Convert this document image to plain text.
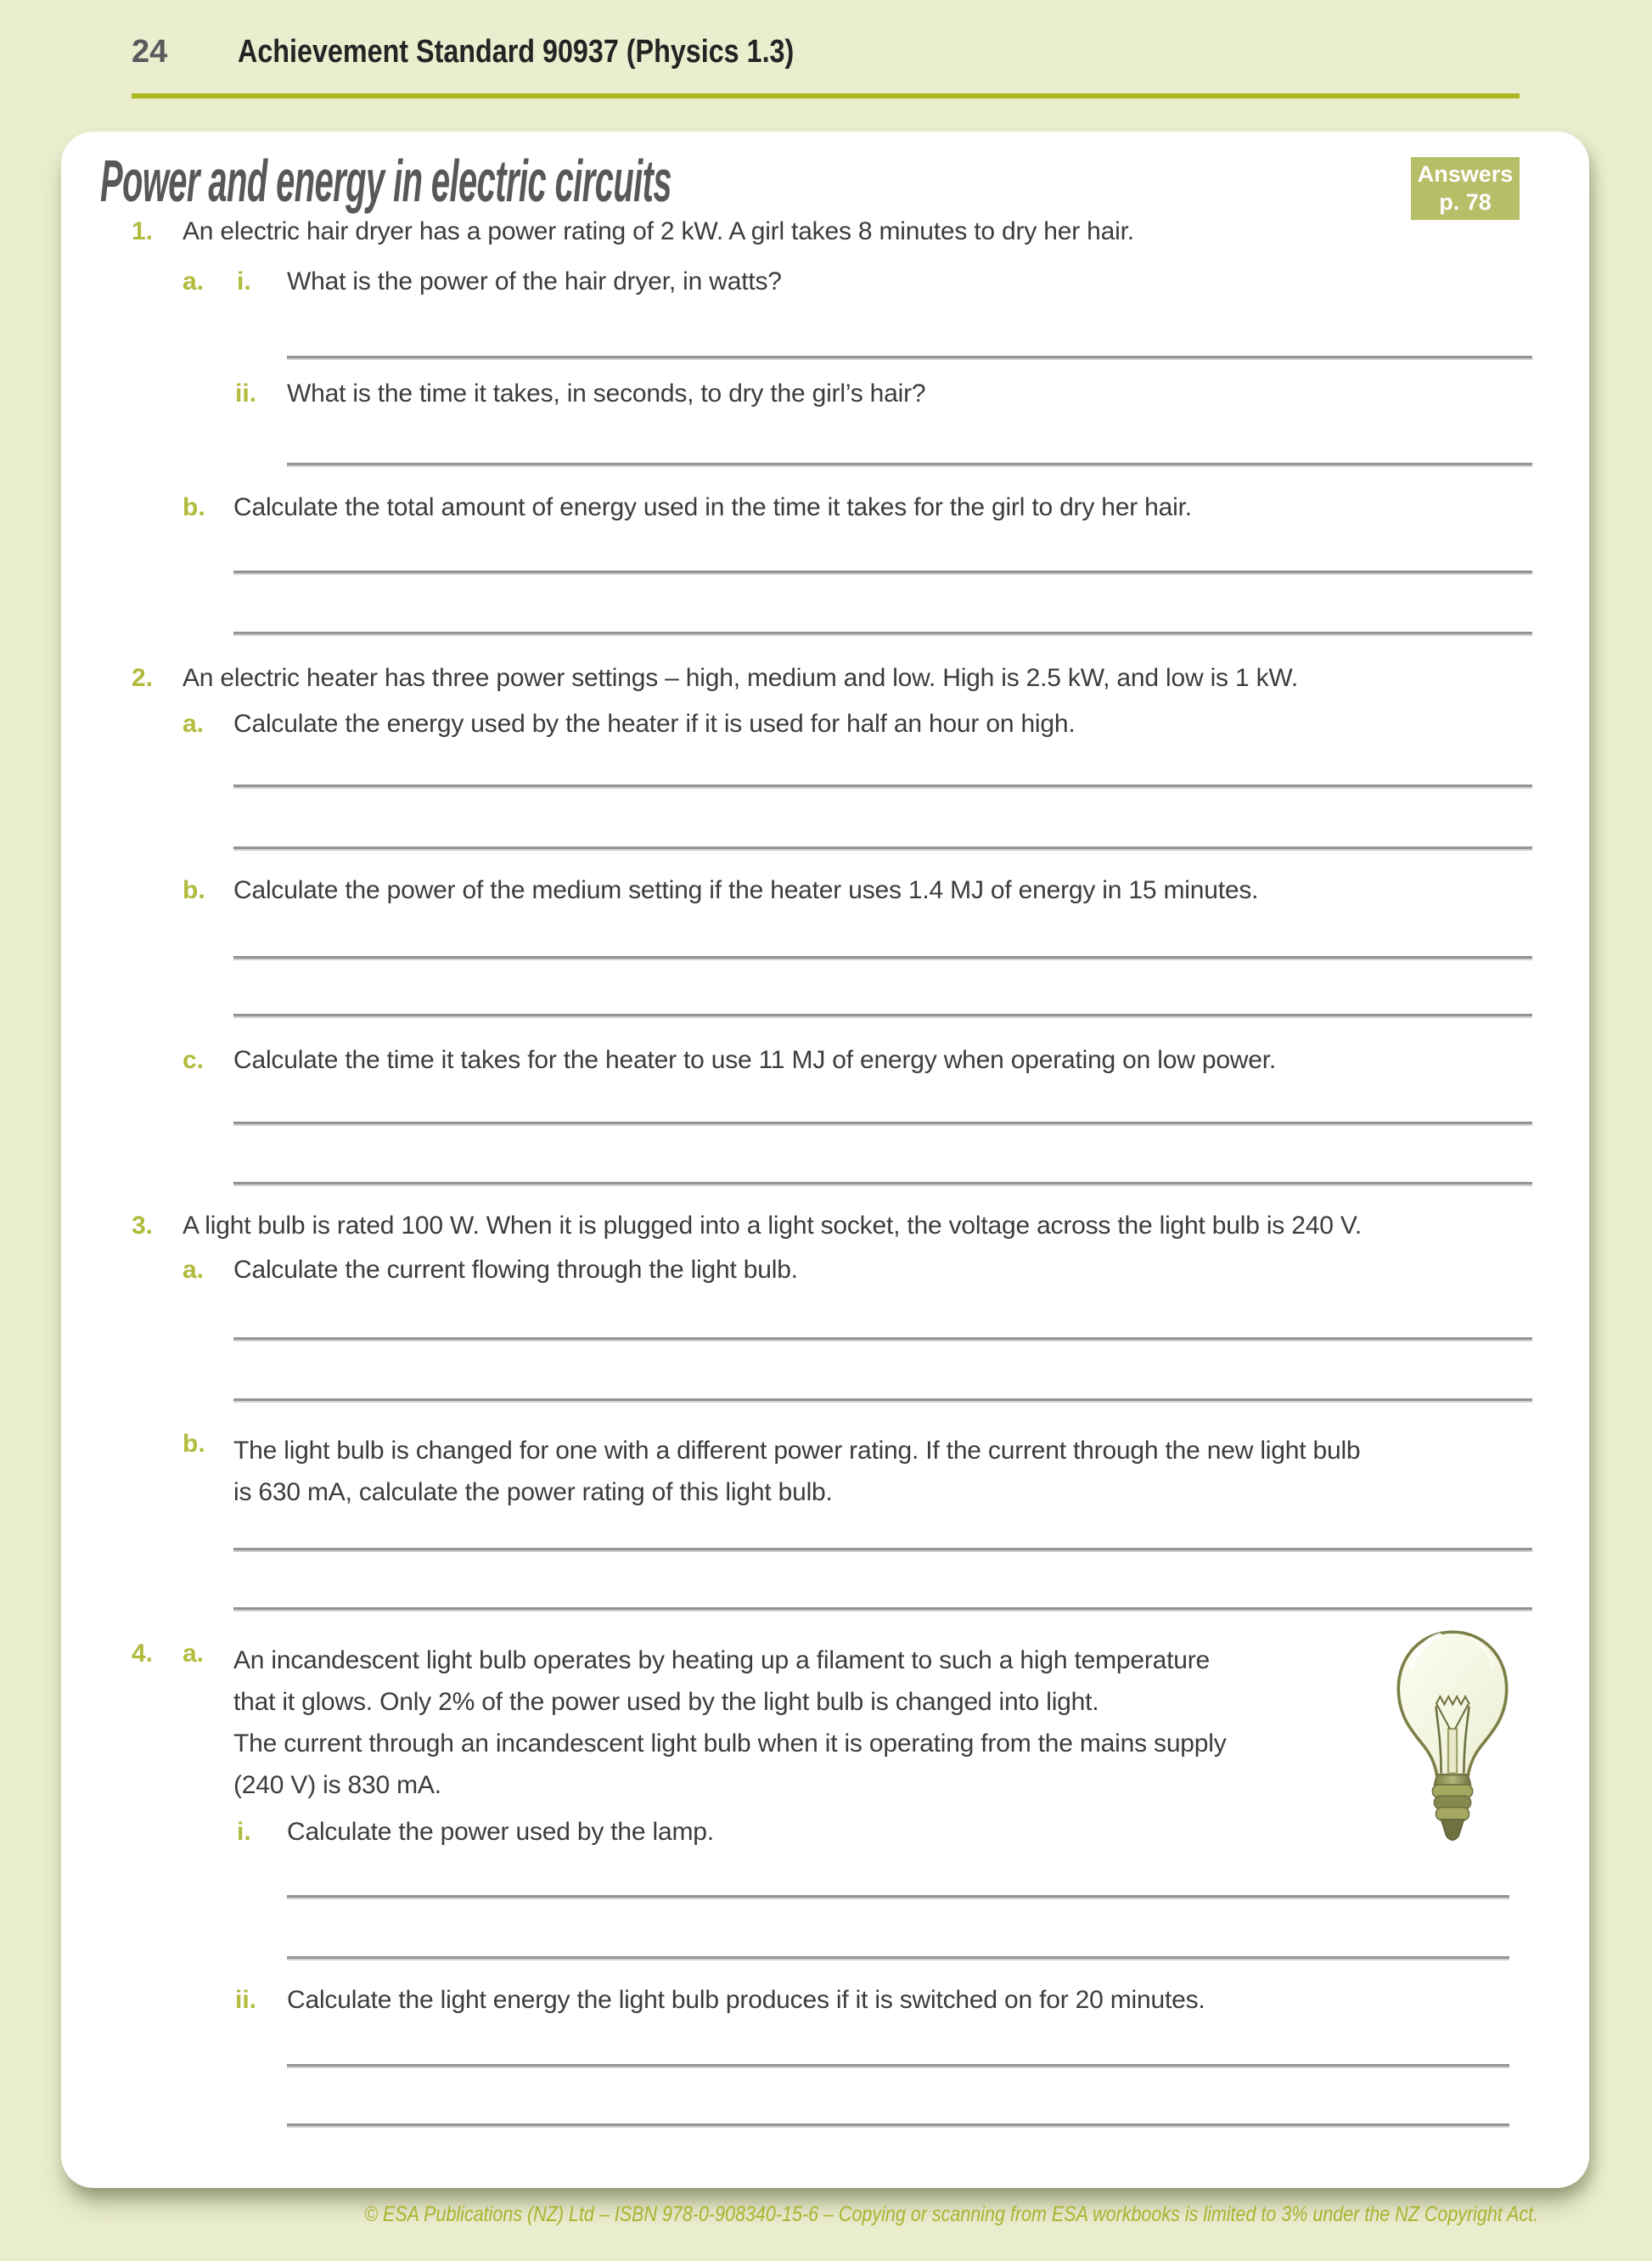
24 Achievement Standard 90937 (Physics 1.3)
Power and energy in electric circuits	Answers
p. 78
1. An electric hair dryer has a power rating of 2 kW. A girl takes 8 minutes to dry her hair.
a. i. What is the power of the hair dryer, in watts?
ii. What is the time it takes, in seconds, to dry the girl’s hair?
b. Calculate the total amount of energy used in the time it takes for the girl to dry her hair.
2. An electric heater has three power settings – high, medium and low. High is 2.5 kW, and low is 1 kW.
a. Calculate the energy used by the heater if it is used for half an hour on high.
b. Calculate the power of the medium setting if the heater uses 1.4 MJ of energy in 15 minutes.
c. Calculate the time it takes for the heater to use 11 MJ of energy when operating on low power.
3. A light bulb is rated 100 W. When it is plugged into a light socket, the voltage across the light bulb is 240 V.
a. Calculate the current flowing through the light bulb.
b. The light bulb is changed for one with a different power rating. If the current through the new light bulb
is 630 mA, calculate the power rating of this light bulb.
4. a. An incandescent light bulb operates by heating up a filament to such a high temperature
that it glows. Only 2% of the power used by the light bulb is changed into light.
The current through an incandescent light bulb when it is operating from the mains supply
(240 V) is 830 mA.
i. Calculate the power used by the lamp.
ii. Calculate the light energy the light bulb produces if it is switched on for 20 minutes.
© ESA Publications (NZ) Ltd – ISBN 978-0-908340-15-6 – Copying or scanning from ESA workbooks is limited to 3% under the NZ Copyright Act.
